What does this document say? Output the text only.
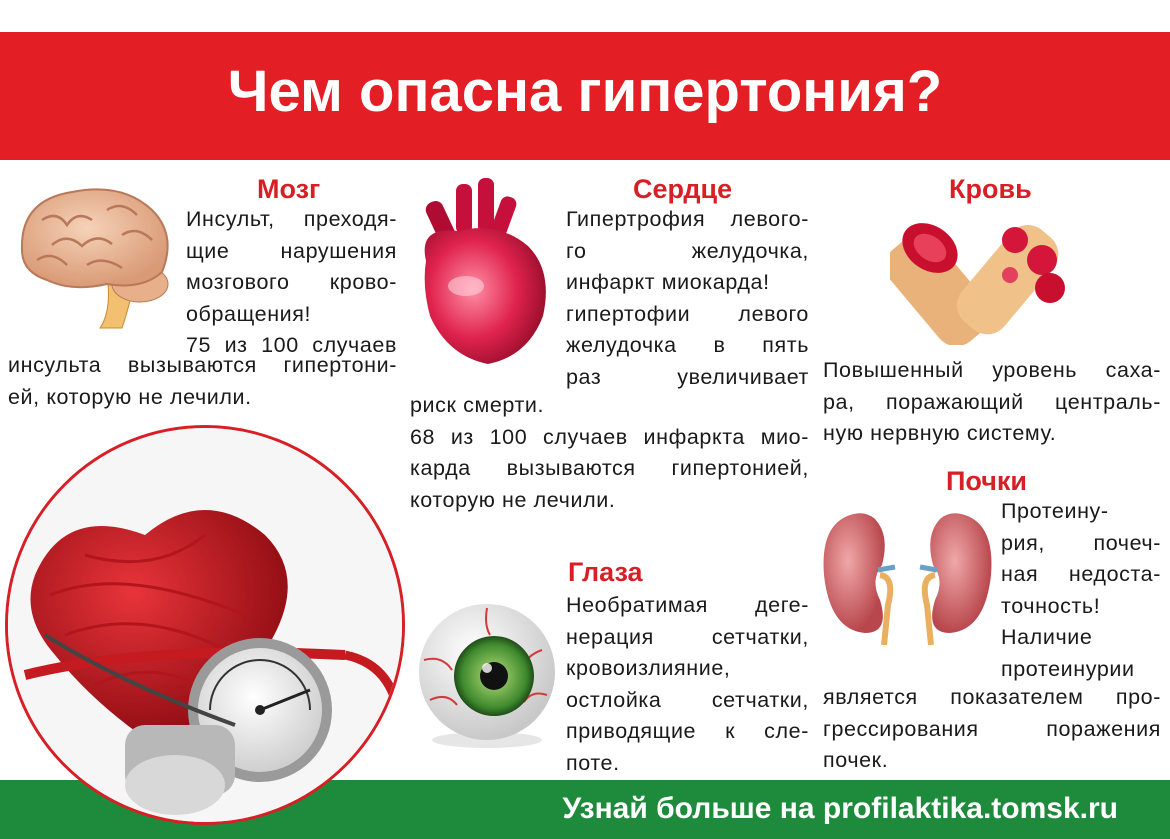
Чем опасна гипертония?
Мозг
Инсульт, преходя-
щие нарушения
мозгового крово-
обращения!
75 из 100 случаев
инсульта вызываются гипертони-
ей, которую не лечили.
Сердце
Гипертрофия левого-
го желудочка,
инфаркт миокарда!
гипертофии левого
желудочка в пять
раз увеличивает
риск смерти.
68 из 100 случаев инфаркта мио-
карда вызываются гипертонией,
которую не лечили.
Кровь
Повышенный уровень саха-
ра, поражающий централь-
ную нервную систему.
Почки
Протеину-
рия, почеч-
ная недоста-
точность!
Наличие
протеинурии
является показателем про-
грессирования поражения
почек.
Глаза
Необратимая деге-
нерация сетчатки,
кровоизлияние,
остлойка сетчатки,
приводящие к сле-
поте.
Узнай больше на profilaktika.tomsk.ru
